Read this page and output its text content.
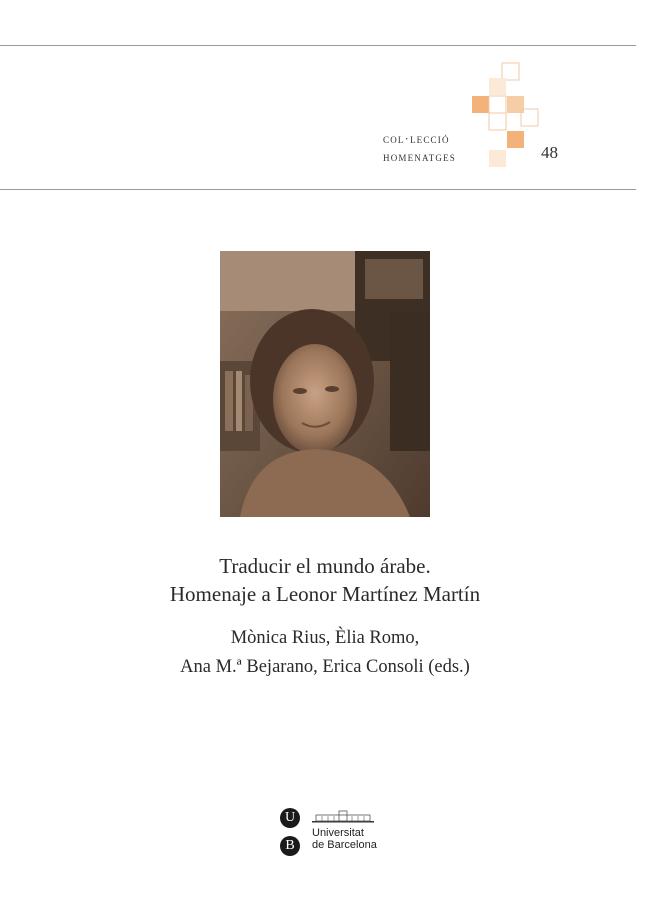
col·lecció
homenatges	48
Traducir el mundo árabe.
Homenaje a Leonor Martínez Martín
Mònica Rius, Èlia Romo,
Ana M.ª Bejarano, Erica Consoli (eds.)
U
B
Universitat
de Barcelona
